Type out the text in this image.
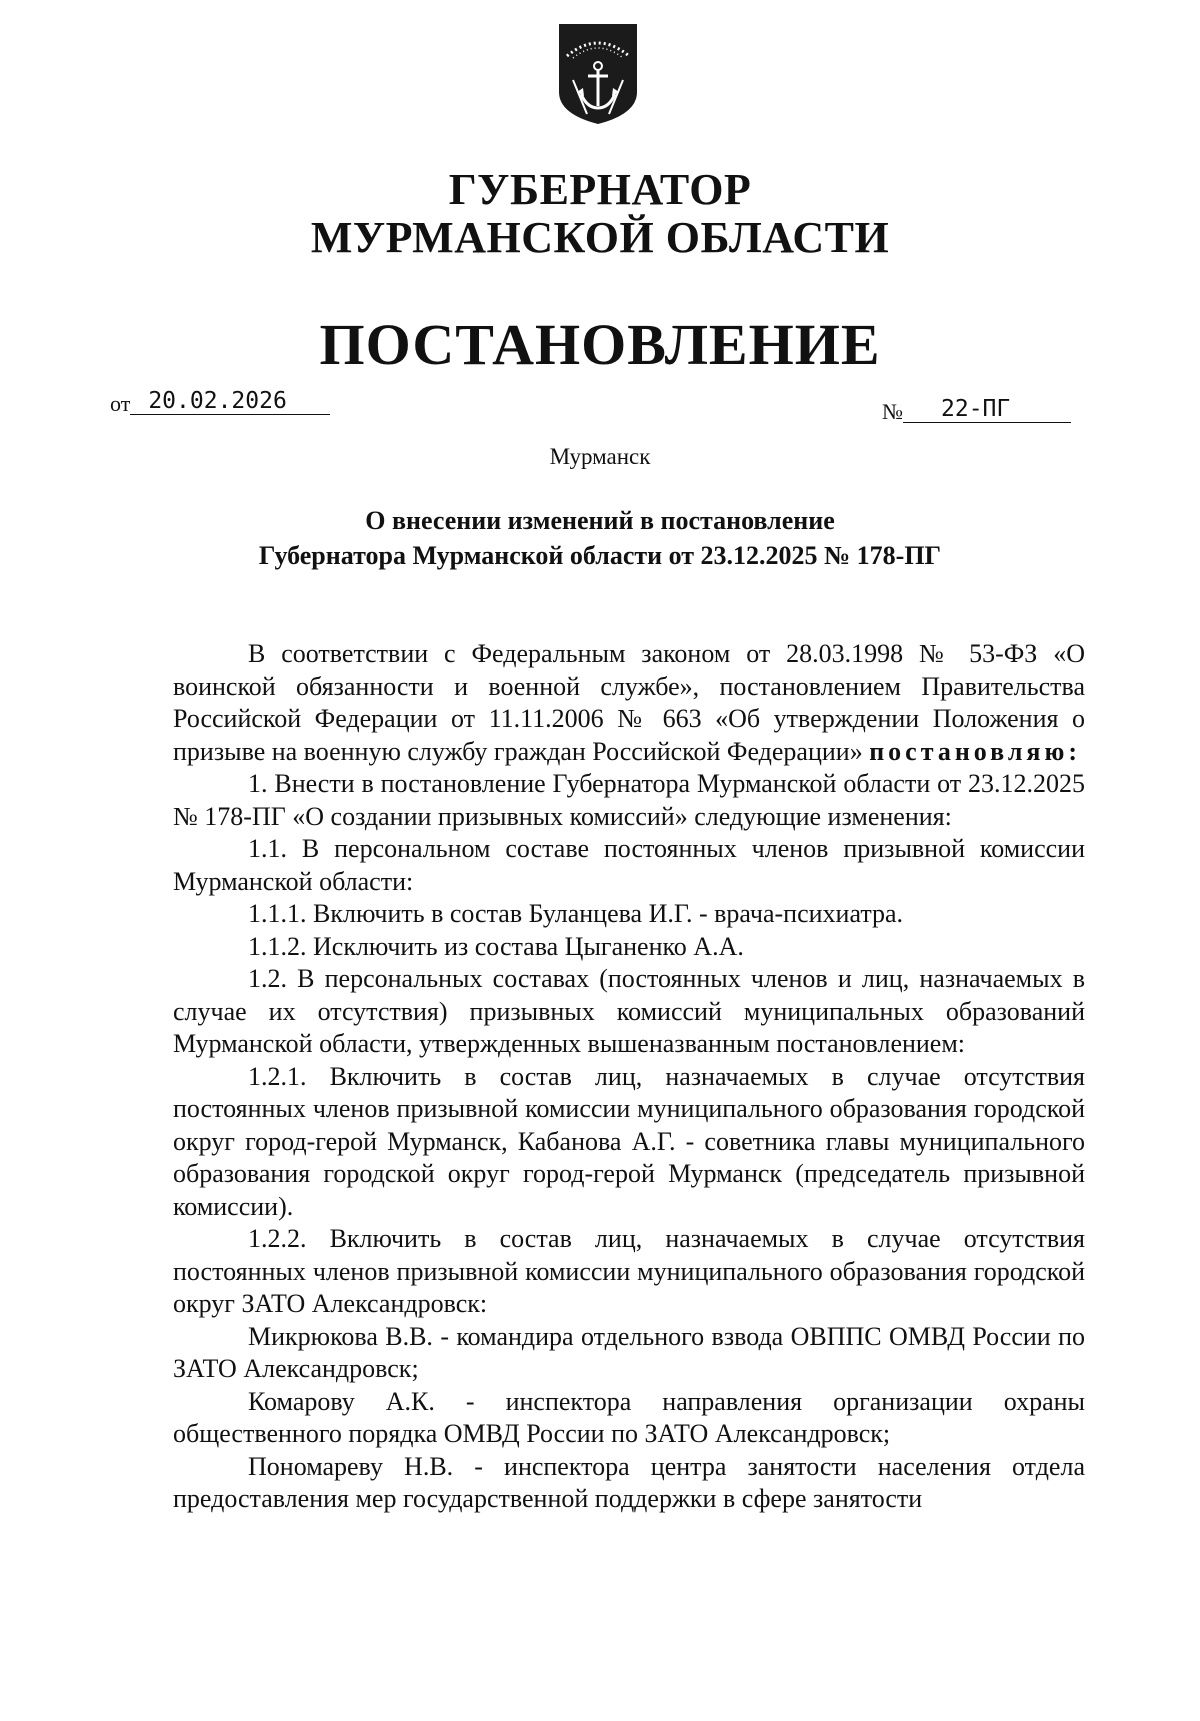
ГУБЕРНАТОР
МУРМАНСКОЙ ОБЛАСТИ
ПОСТАНОВЛЕНИЕ
от 20.02.2026	№ 22-ПГ
Мурманск
О внесении изменений в постановление
Губернатора Мурманской области от 23.12.2025 № 178-ПГ

В соответствии с Федеральным законом от 28.03.1998 № 53-ФЗ «О воинской обязанности и военной службе», постановлением Правительства Российской Федерации от 11.11.2006 № 663 «Об утверждении Положения о призыве на военную службу граждан Российской Федерации» постановляю:

1. Внести в постановление Губернатора Мурманской области от 23.12.2025 № 178-ПГ «О создании призывных комиссий» следующие изменения:

1.1. В персональном составе постоянных членов призывной комиссии Мурманской области:

1.1.1. Включить в состав Буланцева И.Г. - врача-психиатра.

1.1.2. Исключить из состава Цыганенко А.А.

1.2. В персональных составах (постоянных членов и лиц, назначаемых в случае их отсутствия) призывных комиссий муниципальных образований Мурманской области, утвержденных вышеназванным постановлением:

1.2.1. Включить в состав лиц, назначаемых в случае отсутствия постоянных членов призывной комиссии муниципального образования городской округ город-герой Мурманск, Кабанова А.Г. - советника главы муниципального образования городской округ город-герой Мурманск (председатель призывной комиссии).

1.2.2. Включить в состав лиц, назначаемых в случае отсутствия постоянных членов призывной комиссии муниципального образования городской округ ЗАТО Александровск:

Микрюкова В.В. - командира отдельного взвода ОВППС ОМВД России по ЗАТО Александровск;

Комарову А.К. - инспектора направления организации охраны общественного порядка ОМВД России по ЗАТО Александровск;

Пономареву Н.В. - инспектора центра занятости населения отдела предоставления мер государственной поддержки в сфере занятости
